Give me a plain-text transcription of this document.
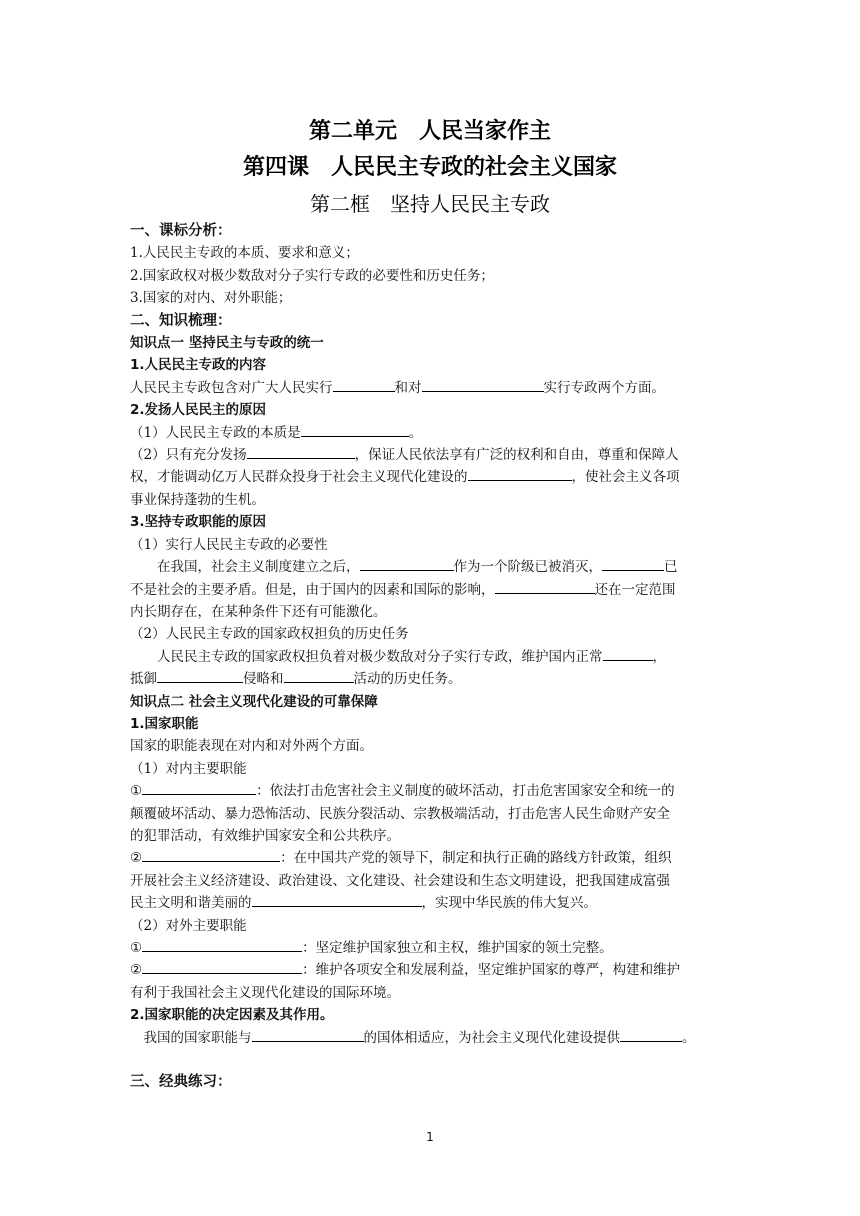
第二单元　人民当家作主
第四课　人民民主专政的社会主义国家
第二框　坚持人民民主专政

一、课标分析：

1.人民民主专政的本质、要求和意义；

2.国家政权对极少数敌对分子实行专政的必要性和历史任务；

3.国家的对内、对外职能；

二、知识梳理：

知识点一 坚持民主与专政的统一

1.人民民主专政的内容

人民民主专政包含对广大人民实行	和对	实行专政两个方面。

2.发扬人民民主的原因

（1）人民民主专政的本质是	。

（2）只有充分发扬	，保证人民依法享有广泛的权利和自由，尊重和保障人

权，才能调动亿万人民群众投身于社会主义现代化建设的	，使社会主义各项

事业保持蓬勃的生机。

3.坚持专政职能的原因

（1）实行人民民主专政的必要性

在我国，社会主义制度建立之后，	作为一个阶级已被消灭，	已

不是社会的主要矛盾。但是，由于国内的因素和国际的影响，	还在一定范围

内长期存在，在某种条件下还有可能激化。

（2）人民民主专政的国家政权担负的历史任务

人民民主专政的国家政权担负着对极少数敌对分子实行专政，维护国内正常	，

抵御	侵略和	活动的历史任务。

知识点二 社会主义现代化建设的可靠保障

1.国家职能

国家的职能表现在对内和对外两个方面。

（1）对内主要职能

①	：依法打击危害社会主义制度的破坏活动，打击危害国家安全和统一的

颠覆破坏活动、暴力恐怖活动、民族分裂活动、宗教极端活动，打击危害人民生命财产安全

的犯罪活动，有效维护国家安全和公共秩序。

②	：在中国共产党的领导下，制定和执行正确的路线方针政策，组织

开展社会主义经济建设、政治建设、文化建设、社会建设和生态文明建设，把我国建成富强

民主文明和谐美丽的	，实现中华民族的伟大复兴。

（2）对外主要职能

①	：坚定维护国家独立和主权，维护国家的领土完整。

②	：维护各项安全和发展利益，坚定维护国家的尊严，构建和维护

有利于我国社会主义现代化建设的国际环境。

2.国家职能的决定因素及其作用。

我国的国家职能与	的国体相适应，为社会主义现代化建设提供	。

三、经典练习：

1
